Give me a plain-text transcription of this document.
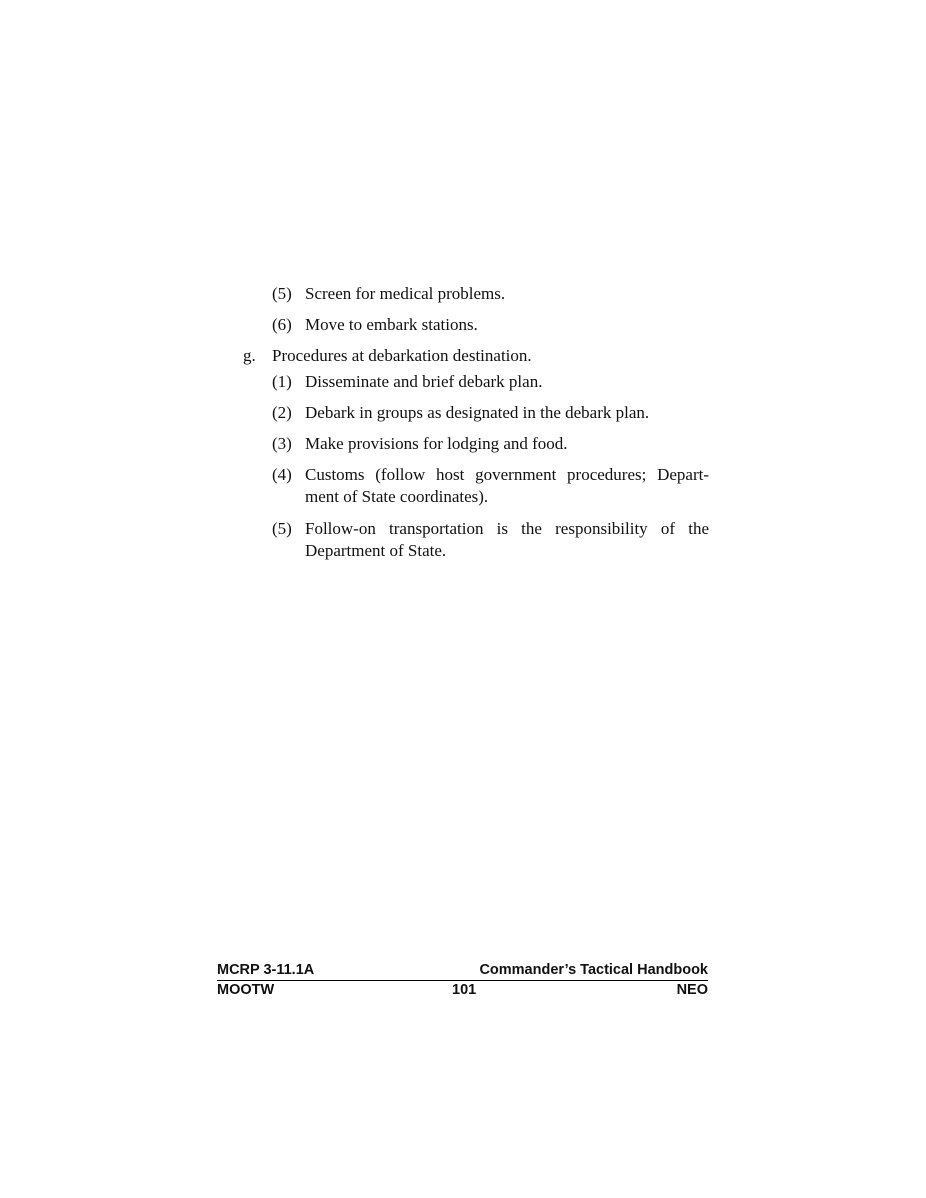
(5) Screen for medical problems.
(6) Move to embark stations.
g. Procedures at debarkation destination.
(1) Disseminate and brief debark plan.
(2) Debark in groups as designated in the debark plan.
(3) Make provisions for lodging and food.
(4) Customs (follow host government procedures; Depart-
ment of State coordinates).
(5) Follow-on transportation is the responsibility of the
Department of State.
MCRP 3-11.1A	Commander’s Tactical Handbook
MOOTW	101	NEO
